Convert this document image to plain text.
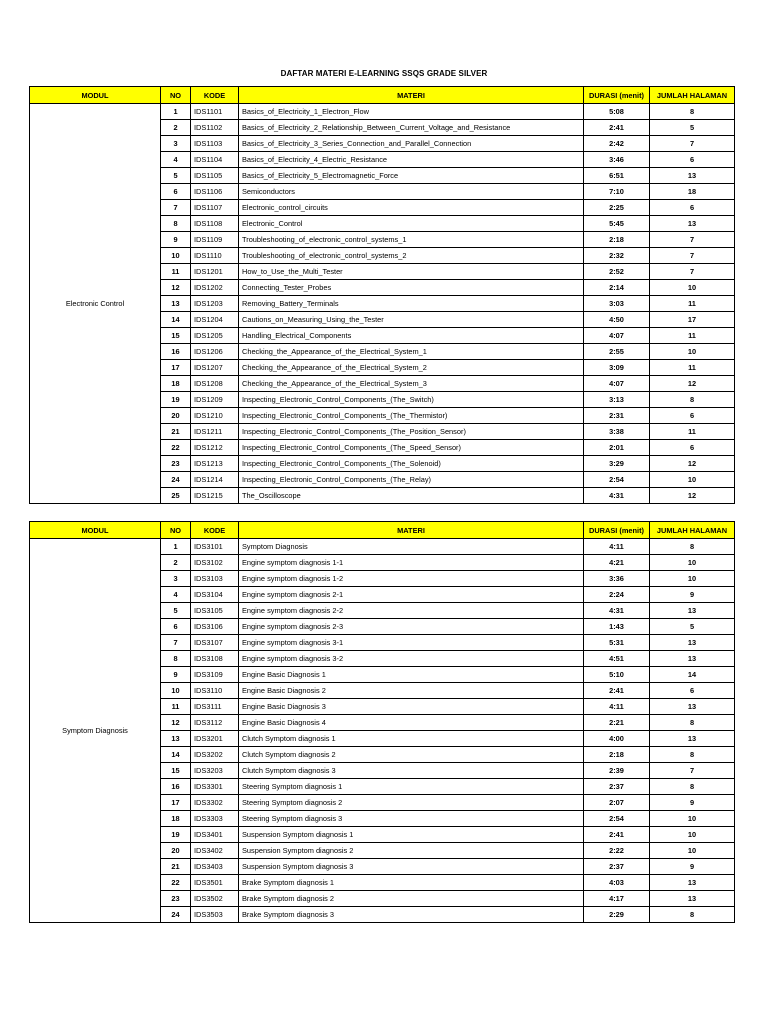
DAFTAR MATERI E-LEARNING SSQS GRADE SILVER
MODUL	NO	KODE	MATERI	DURASI (menit)	JUMLAH HALAMAN
Electronic Control	1	IDS1101	Basics_of_Electricity_1_Electron_Flow	5:08	8
	2	IDS1102	Basics_of_Electricity_2_Relationship_Between_Current_Voltage_and_Resistance	2:41	5
	3	IDS1103	Basics_of_Electricity_3_Series_Connection_and_Parallel_Connection	2:42	7
	4	IDS1104	Basics_of_Electricity_4_Electric_Resistance	3:46	6
	5	IDS1105	Basics_of_Electricity_5_Electromagnetic_Force	6:51	13
	6	IDS1106	Semiconductors	7:10	18
	7	IDS1107	Electronic_control_circuits	2:25	6
	8	IDS1108	Electronic_Control	5:45	13
	9	IDS1109	Troubleshooting_of_electronic_control_systems_1	2:18	7
	10	IDS1110	Troubleshooting_of_electronic_control_systems_2	2:32	7
	11	IDS1201	How_to_Use_the_Multi_Tester	2:52	7
	12	IDS1202	Connecting_Tester_Probes	2:14	10
	13	IDS1203	Removing_Battery_Terminals	3:03	11
	14	IDS1204	Cautions_on_Measuring_Using_the_Tester	4:50	17
	15	IDS1205	Handling_Electrical_Components	4:07	11
	16	IDS1206	Checking_the_Appearance_of_the_Electrical_System_1	2:55	10
	17	IDS1207	Checking_the_Appearance_of_the_Electrical_System_2	3:09	11
	18	IDS1208	Checking_the_Appearance_of_the_Electrical_System_3	4:07	12
	19	IDS1209	Inspecting_Electronic_Control_Components_(The_Switch)	3:13	8
	20	IDS1210	Inspecting_Electronic_Control_Components_(The_Thermistor)	2:31	6
	21	IDS1211	Inspecting_Electronic_Control_Components_(The_Position_Sensor)	3:38	11
	22	IDS1212	Inspecting_Electronic_Control_Components_(The_Speed_Sensor)	2:01	6
	23	IDS1213	Inspecting_Electronic_Control_Components_(The_Solenoid)	3:29	12
	24	IDS1214	Inspecting_Electronic_Control_Components_(The_Relay)	2:54	10
	25	IDS1215	The_Oscilloscope	4:31	12
MODUL	NO	KODE	MATERI	DURASI (menit)	JUMLAH HALAMAN
Symptom Diagnosis	1	IDS3101	Symptom Diagnosis	4:11	8
	2	IDS3102	Engine symptom diagnosis 1-1	4:21	10
	3	IDS3103	Engine symptom diagnosis 1-2	3:36	10
	4	IDS3104	Engine symptom diagnosis 2-1	2:24	9
	5	IDS3105	Engine symptom diagnosis 2-2	4:31	13
	6	IDS3106	Engine symptom diagnosis 2-3	1:43	5
	7	IDS3107	Engine symptom diagnosis 3-1	5:31	13
	8	IDS3108	Engine symptom diagnosis 3-2	4:51	13
	9	IDS3109	Engine Basic Diagnosis 1	5:10	14
	10	IDS3110	Engine Basic Diagnosis 2	2:41	6
	11	IDS3111	Engine Basic Diagnosis 3	4:11	13
	12	IDS3112	Engine Basic Diagnosis 4	2:21	8
	13	IDS3201	Clutch Symptom diagnosis 1	4:00	13
	14	IDS3202	Clutch Symptom diagnosis 2	2:18	8
	15	IDS3203	Clutch Symptom diagnosis 3	2:39	7
	16	IDS3301	Steering Symptom diagnosis 1	2:37	8
	17	IDS3302	Steering Symptom diagnosis 2	2:07	9
	18	IDS3303	Steering Symptom diagnosis 3	2:54	10
	19	IDS3401	Suspension Symptom diagnosis 1	2:41	10
	20	IDS3402	Suspension Symptom diagnosis 2	2:22	10
	21	IDS3403	Suspension Symptom diagnosis 3	2:37	9
	22	IDS3501	Brake Symptom diagnosis 1	4:03	13
	23	IDS3502	Brake Symptom diagnosis 2	4:17	13
	24	IDS3503	Brake Symptom diagnosis 3	2:29	8
